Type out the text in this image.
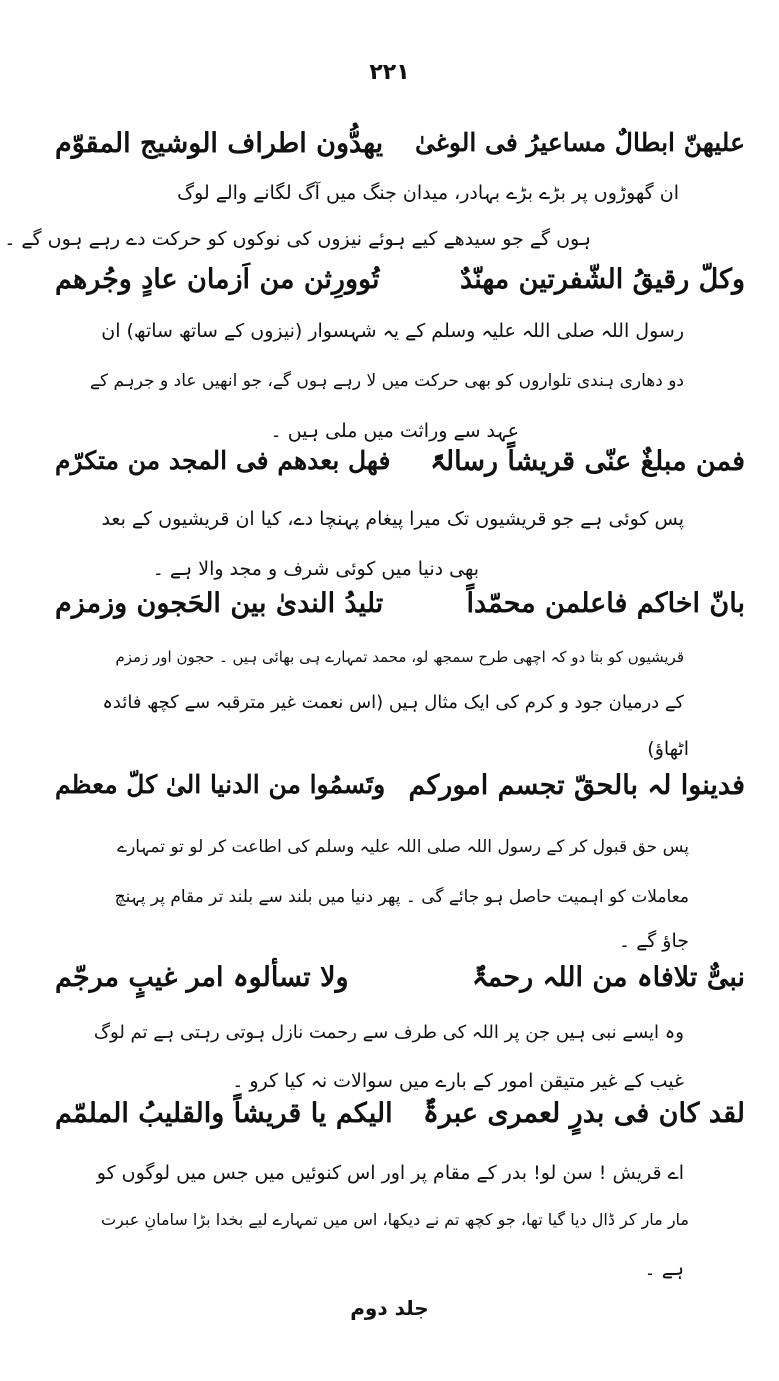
۲۲۱
علیھنّ ابطالٌ مساعیرُ فی الوغیٰ
یھدُّون اطراف الوشیج المقوّم
ان گھوڑوں پر بڑے بڑے بہادر، میدان جنگ میں آگ لگانے والے لوگ
ہوں گے جو سیدھے کیے ہوئے نیزوں کی نوکوں کو حرکت دے رہے ہوں گے ۔
وکلّ رقیقُ الشّفرتین مھنّدٌ
تُوورِثن من اَزمان عادٍ وجُرھم
رسول اللہ صلی اللہ علیہ وسلم کے یہ شہسوار (نیزوں کے ساتھ ساتھ) ان
دو دھاری ہندی تلواروں کو بھی حرکت میں لا رہے ہوں گے، جو انھیں عاد و جرہم کے
عہد سے وراثت میں ملی ہیں ۔
فمن مبلغٌ عنّی قریشاً رسالۃً
فھل بعدھم فی المجد من متکرّم
پس کوئی ہے جو قریشیوں تک میرا پیغام پہنچا دے، کیا ان قریشیوں کے بعد
بھی دنیا میں کوئی شرف و مجد والا ہے ۔
بانّ اخاکم فاعلمن محمّداً
تلیدُ الندیٰ بین الحَجون وزمزم
قریشیوں کو بتا دو کہ اچھی طرح سمجھ لو، محمد تمہارے ہی بھائی ہیں ۔ حجون اور زمزم
کے درمیان جود و کرم کی ایک مثال ہیں (اس نعمت غیر مترقبہ سے کچھ فائدہ
اٹھاؤ)
فدینوا لہ بالحقّ تجسم امورکم
وتَسمُوا من الدنیا الیٰ کلّ معظم
پس حق قبول کر کے رسول اللہ صلی اللہ علیہ وسلم کی اطاعت کر لو تو تمہارے
معاملات کو اہمیت حاصل ہو جائے گی ۔ پھر دنیا میں بلند سے بلند تر مقام پر پہنچ
جاؤ گے ۔
نبیٌّ تلافاہ من اللہ رحمۃٌ
ولا تسألوہ امر غیبٍ مرجّم
وہ ایسے نبی ہیں جن پر اللہ کی طرف سے رحمت نازل ہوتی رہتی ہے تم لوگ
غیب کے غیر متیقن امور کے بارے میں سوالات نہ کیا کرو ۔
لقد کان فی بدرٍ لعمری عبرۃٌ
الیکم یا قریشاً والقلیبُ الملمّم
اے قریش ! سن لو! بدر کے مقام پر اور اس کنوئیں میں جس میں لوگوں کو
مار مار کر ڈال دیا گیا تھا، جو کچھ تم نے دیکھا، اس میں تمہارے لیے بخدا بڑا سامانِ عبرت
ہے ۔
جلد دوم
